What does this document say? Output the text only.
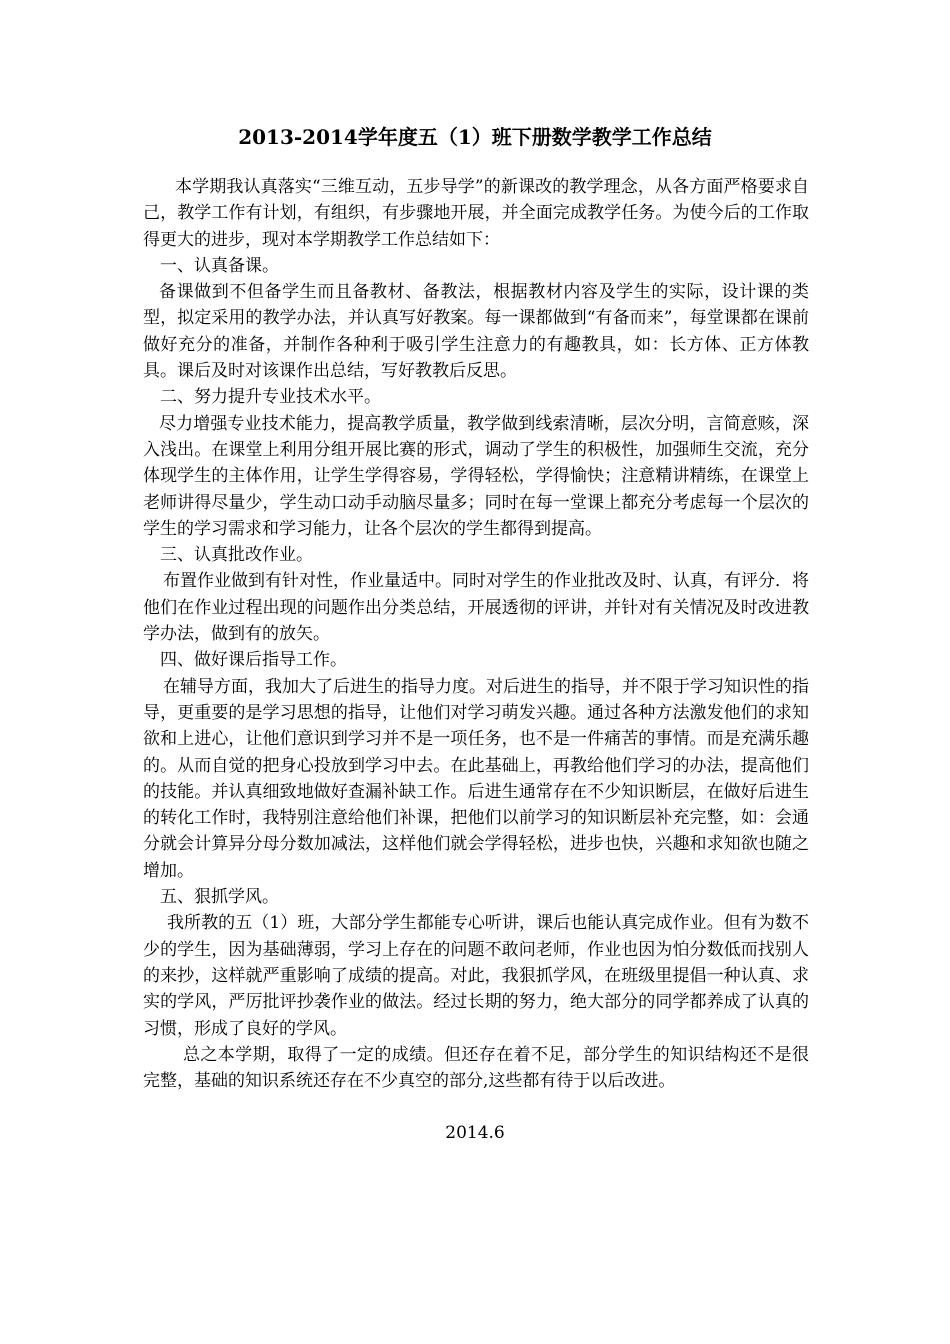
2013-2014学年度五（1）班下册数学教学工作总结

本学期我认真落实“三维互动，五步导学”的新课改的教学理念，从各方面严格要求自己，教学工作有计划，有组织，有步骤地开展，并全面完成教学任务。为使今后的工作取得更大的进步，现对本学期教学工作总结如下：

一、认真备课。

备课做到不但备学生而且备教材、备教法，根据教材内容及学生的实际，设计课的类型，拟定采用的教学办法，并认真写好教案。每一课都做到“有备而来”，每堂课都在课前做好充分的准备，并制作各种利于吸引学生注意力的有趣教具，如：长方体、正方体教具。课后及时对该课作出总结，写好教教后反思。

二、努力提升专业技术水平。

尽力增强专业技术能力，提高教学质量，教学做到线索清晰，层次分明，言简意赅，深入浅出。在课堂上利用分组开展比赛的形式，调动了学生的积极性，加强师生交流，充分体现学生的主体作用，让学生学得容易，学得轻松，学得愉快；注意精讲精练，在课堂上老师讲得尽量少，学生动口动手动脑尽量多；同时在每一堂课上都充分考虑每一个层次的学生的学习需求和学习能力，让各个层次的学生都得到提高。

三、认真批改作业。

布置作业做到有针对性，作业量适中。同时对学生的作业批改及时、认真，有评分．将他们在作业过程出现的问题作出分类总结，开展透彻的评讲，并针对有关情况及时改进教学办法，做到有的放矢。

四、做好课后指导工作。

在辅导方面，我加大了后进生的指导力度。对后进生的指导，并不限于学习知识性的指导，更重要的是学习思想的指导，让他们对学习萌发兴趣。通过各种方法激发他们的求知欲和上进心，让他们意识到学习并不是一项任务，也不是一件痛苦的事情。而是充满乐趣的。从而自觉的把身心投放到学习中去。在此基础上，再教给他们学习的办法，提高他们的技能。并认真细致地做好查漏补缺工作。后进生通常存在不少知识断层，在做好后进生的转化工作时，我特别注意给他们补课，把他们以前学习的知识断层补充完整，如：会通分就会计算异分母分数加减法，这样他们就会学得轻松，进步也快，兴趣和求知欲也随之增加。

五、狠抓学风。

我所教的五（1）班，大部分学生都能专心听讲，课后也能认真完成作业。但有为数不少的学生，因为基础薄弱，学习上存在的问题不敢问老师，作业也因为怕分数低而找别人的来抄，这样就严重影响了成绩的提高。对此，我狠抓学风，在班级里提倡一种认真、求实的学风，严厉批评抄袭作业的做法。经过长期的努力，绝大部分的同学都养成了认真的习惯，形成了良好的学风。

总之本学期，取得了一定的成绩。但还存在着不足，部分学生的知识结构还不是很完整，基础的知识系统还存在不少真空的部分,这些都有待于以后改进。

2014.6
